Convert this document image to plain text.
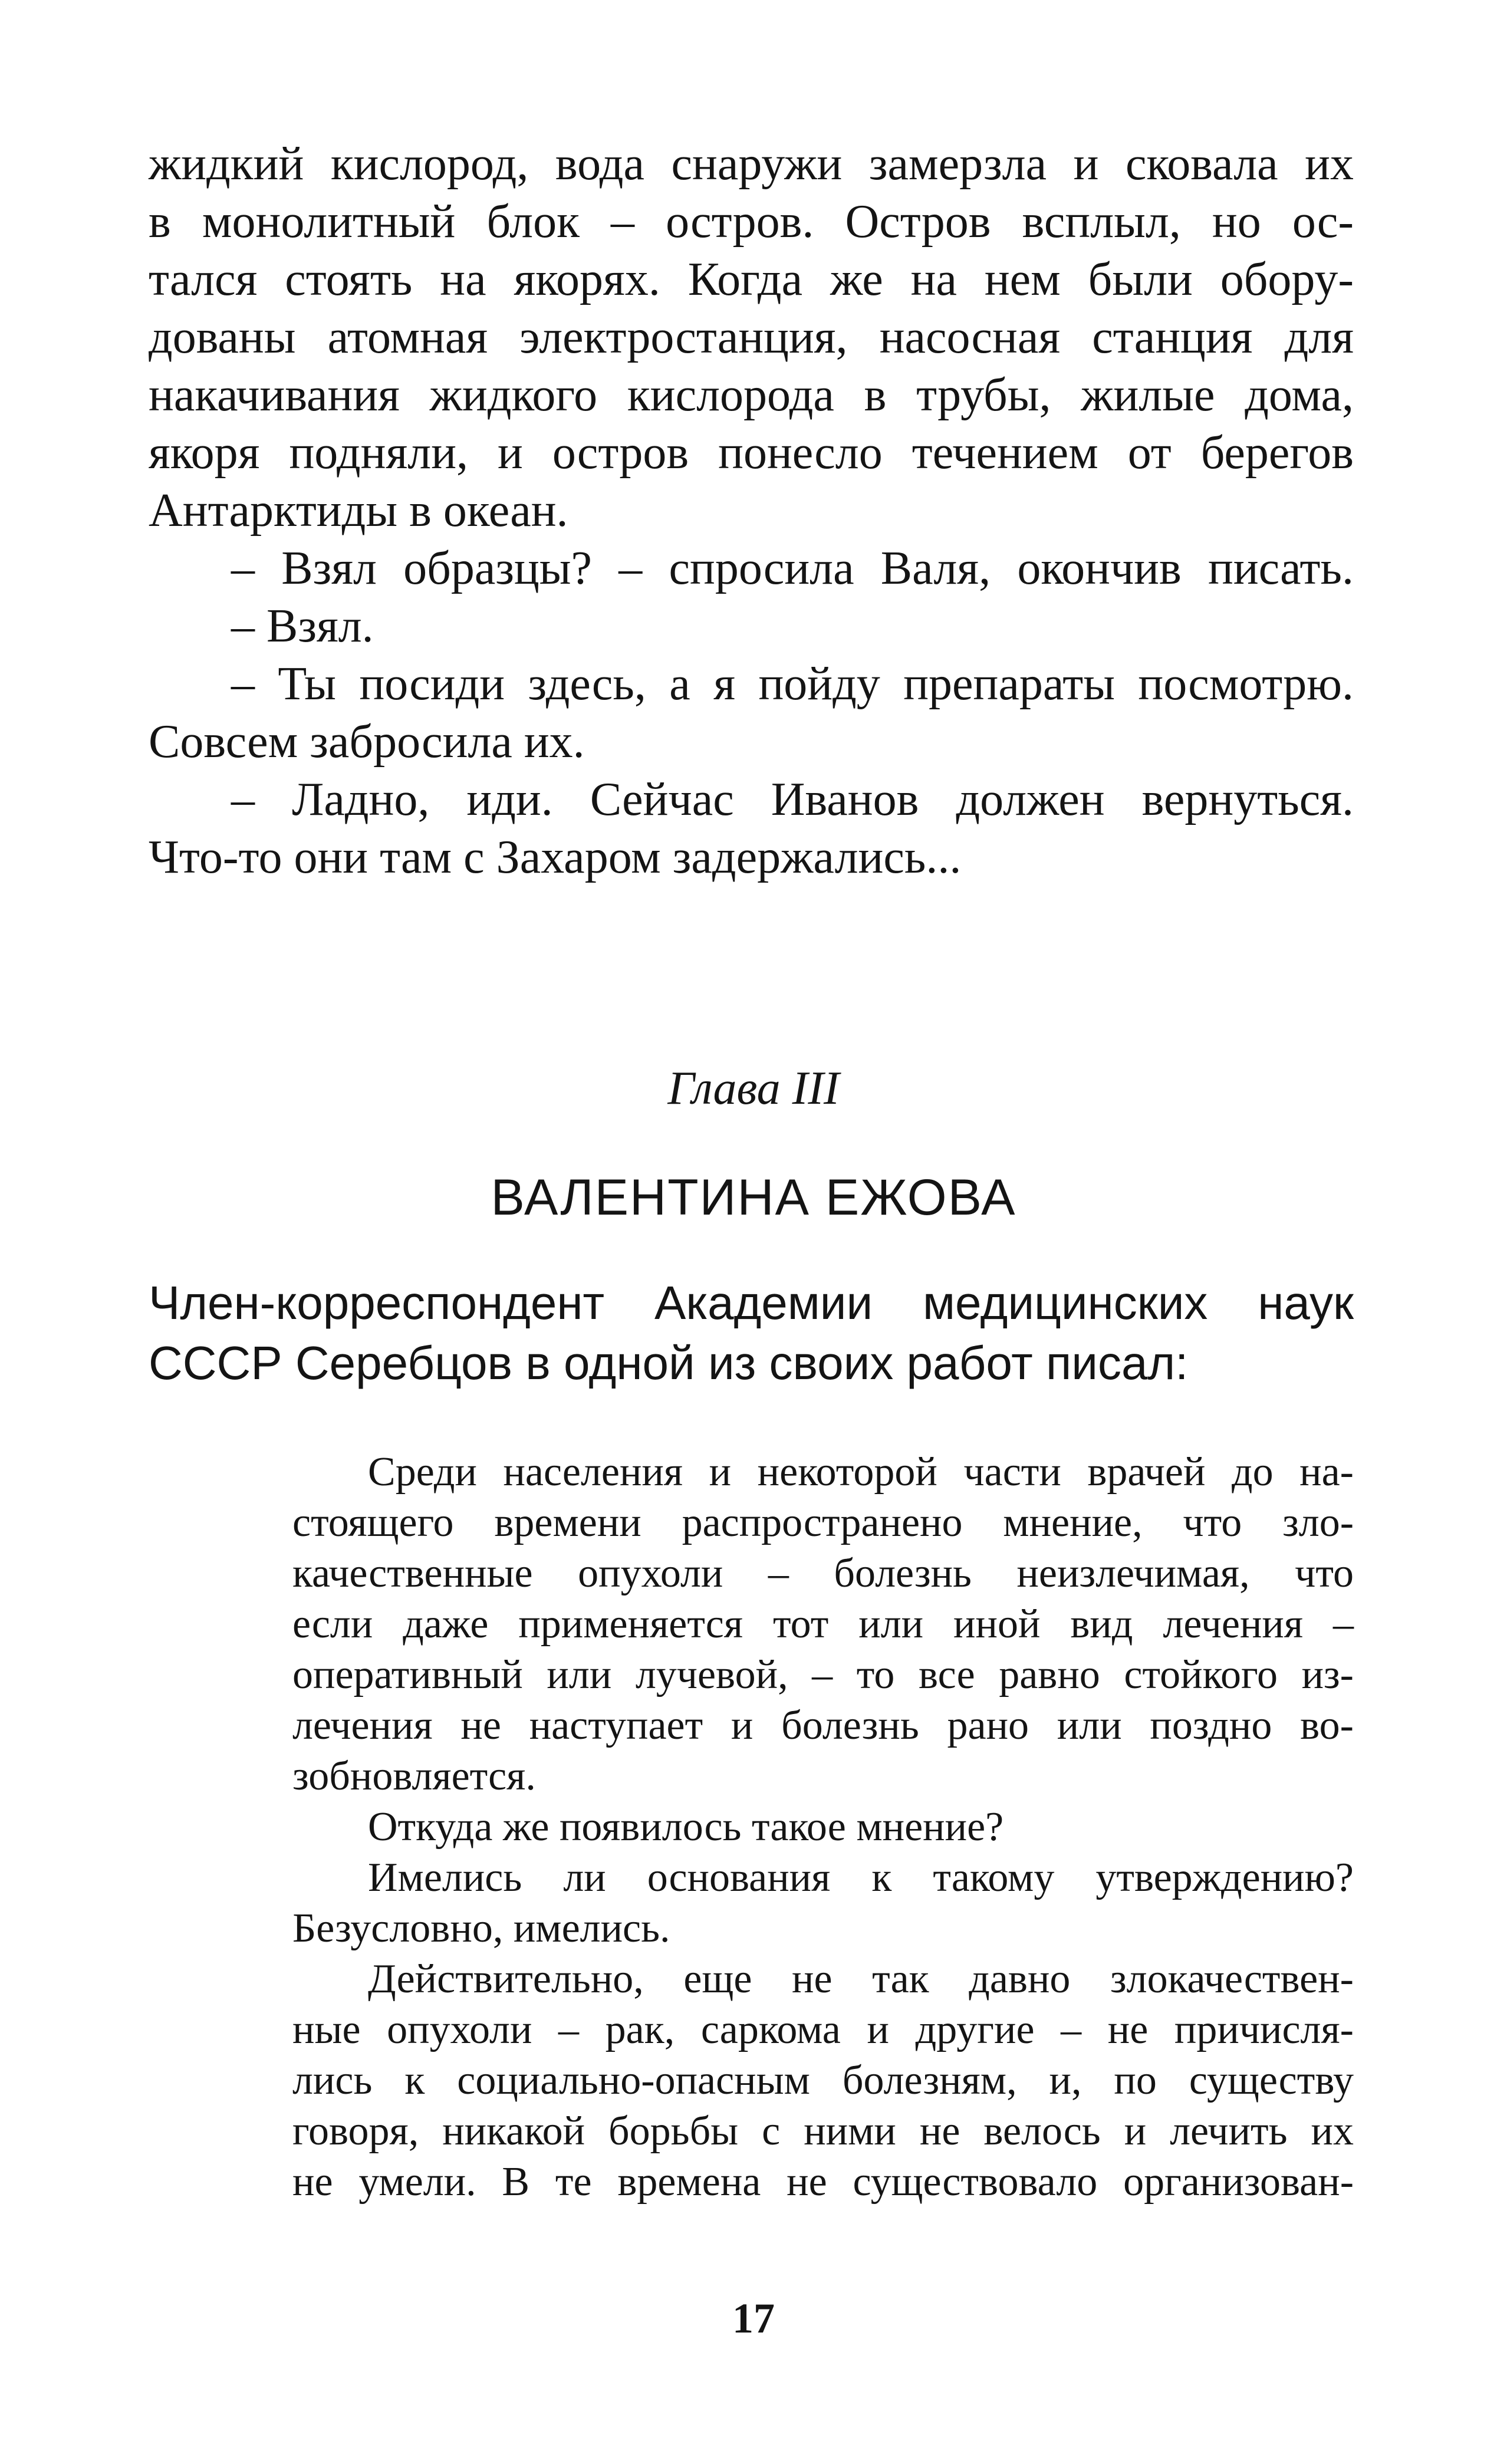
жидкий кислород, вода снаружи замерзла и сковала их
в монолитный блок – остров. Остров всплыл, но ос-
тался стоять на якорях. Когда же на нем были обору-
дованы атомная электростанция, насосная станция для
накачивания жидкого кислорода в трубы, жилые дома,
якоря подняли, и остров понесло течением от берегов
Антарктиды в океан.
– Взял образцы? – спросила Валя, окончив писать.
– Взял.
– Ты посиди здесь, а я пойду препараты посмотрю.
Совсем забросила их.
– Ладно, иди. Сейчас Иванов должен вернуться.
Что-то они там с Захаром задержались...
Глава III
ВАЛЕНТИНА ЕЖОВА
Член-корреспондент Академии медицинских наук
СССР Серебцов в одной из своих работ писал:
Среди населения и некоторой части врачей до на-
стоящего времени распространено мнение, что зло-
качественные опухоли – болезнь неизлечимая, что
если даже применяется тот или иной вид лечения –
оперативный или лучевой, – то все равно стойкого из-
лечения не наступает и болезнь рано или поздно во-
зобновляется.
Откуда же появилось такое мнение?
Имелись ли основания к такому утверждению?
Безусловно, имелись.
Действительно, еще не так давно злокачествен-
ные опухоли – рак, саркома и другие – не причисля-
лись к социально-опасным болезням, и, по существу
говоря, никакой борьбы с ними не велось и лечить их
не умели. В те времена не существовало организован-
17
